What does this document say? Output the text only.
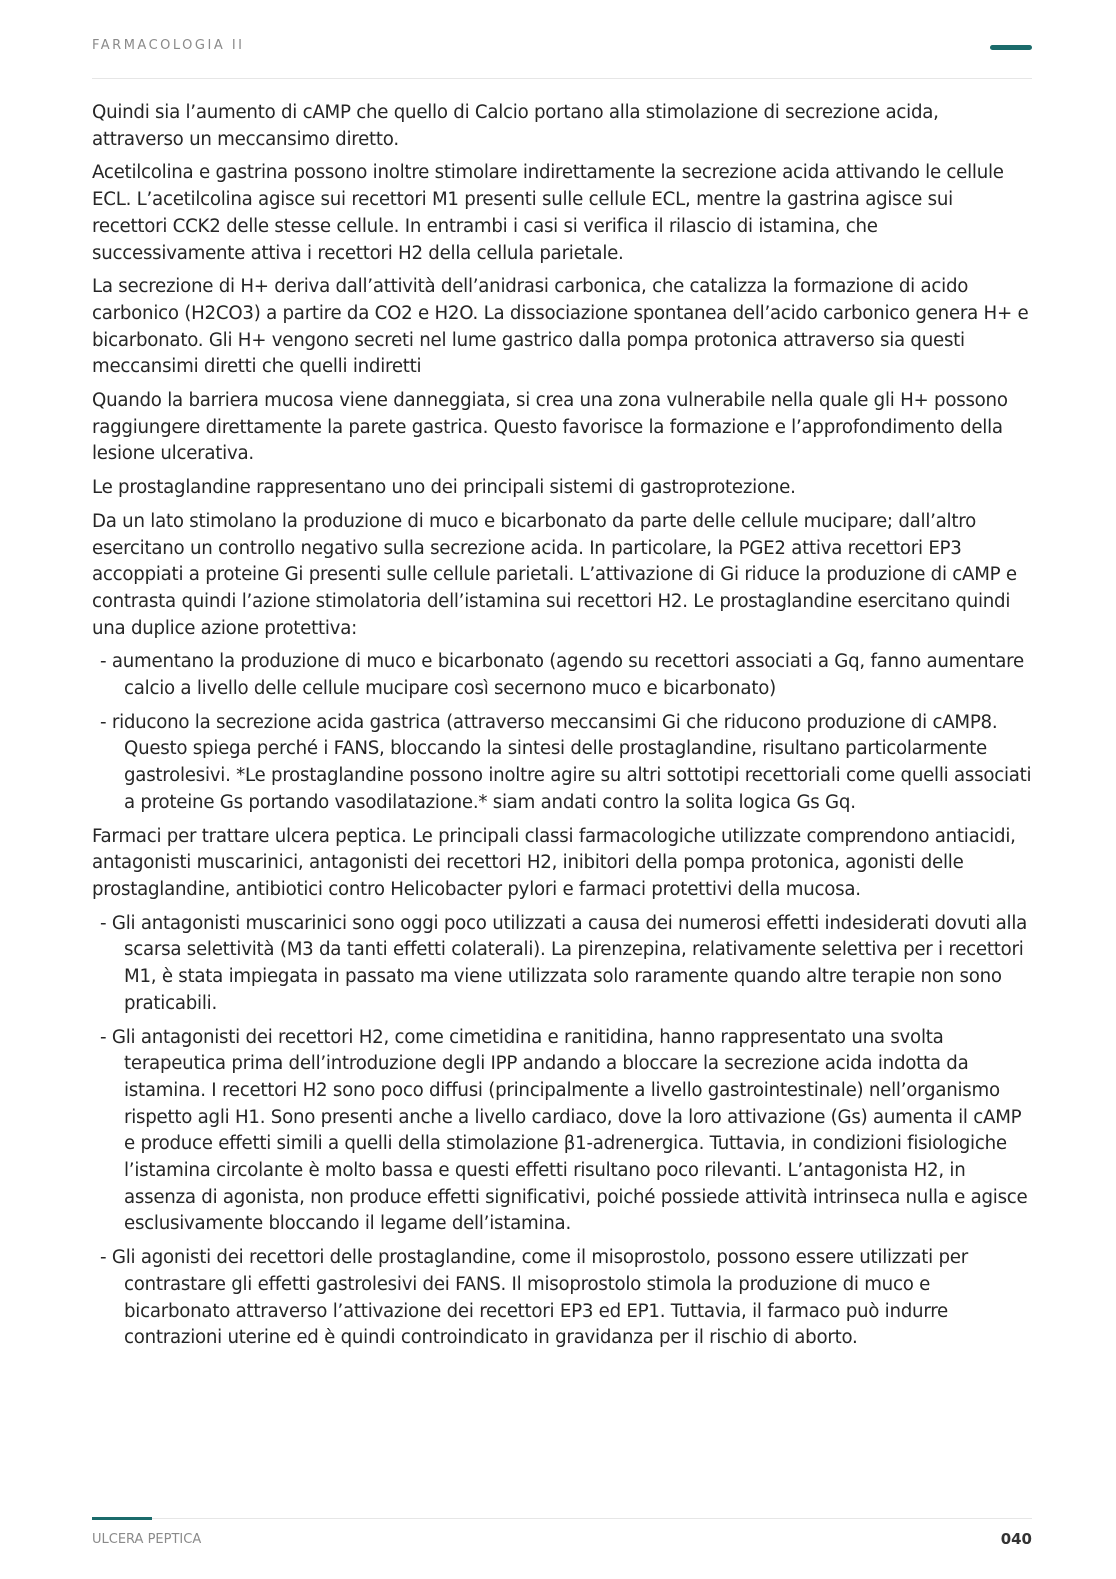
FARMACOLOGIA II

Quindi sia l’aumento di cAMP che quello di Calcio portano alla stimolazione di secrezione acida, attraverso un meccansimo diretto.

Acetilcolina e gastrina possono inoltre stimolare indirettamente la secrezione acida attivando le cellule ECL. L’acetilcolina agisce sui recettori M1 presenti sulle cellule ECL, mentre la gastrina agisce sui recettori CCK2 delle stesse cellule. In entrambi i casi si verifica il rilascio di istamina, che successivamente attiva i recettori H2 della cellula parietale.

La secrezione di H+ deriva dall’attività dell’anidrasi carbonica, che catalizza la formazione di acido carbonico (H2CO3) a partire da CO2 e H2O. La dissociazione spontanea dell’acido carbonico genera H+ e bicarbonato. Gli H+ vengono secreti nel lume gastrico dalla pompa protonica attraverso sia questi meccansimi diretti che quelli indiretti

Quando la barriera mucosa viene danneggiata, si crea una zona vulnerabile nella quale gli H+ possono raggiungere direttamente la parete gastrica. Questo favorisce la formazione e l’approfondimento della lesione ulcerativa.

Le prostaglandine rappresentano uno dei principali sistemi di gastroprotezione.

Da un lato stimolano la produzione di muco e bicarbonato da parte delle cellule mucipare; dall’altro esercitano un controllo negativo sulla secrezione acida. In particolare, la PGE2 attiva recettori EP3 accoppiati a proteine Gi presenti sulle cellule parietali. L’attivazione di Gi riduce la produzione di cAMP e contrasta quindi l’azione stimolatoria dell’istamina sui recettori H2. Le prostaglandine esercitano quindi una duplice azione protettiva:

- aumentano la produzione di muco e bicarbonato (agendo su recettori associati a Gq, fanno aumentare calcio a livello delle cellule mucipare così secernono muco e bicarbonato)
- riducono la secrezione acida gastrica (attraverso meccansimi Gi che riducono produzione di cAMP8. Questo spiega perché i FANS, bloccando la sintesi delle prostaglandine, risultano particolarmente gastrolesivi. *Le prostaglandine possono inoltre agire su altri sottotipi recettoriali come quelli associati a proteine Gs portando vasodilatazione.* siam andati contro la solita logica Gs Gq.

Farmaci per trattare ulcera peptica. Le principali classi farmacologiche utilizzate comprendono antiacidi, antagonisti muscarinici, antagonisti dei recettori H2, inibitori della pompa protonica, agonisti delle prostaglandine, antibiotici contro Helicobacter pylori e farmaci protettivi della mucosa.

- Gli antagonisti muscarinici sono oggi poco utilizzati a causa dei numerosi effetti indesiderati dovuti alla scarsa selettività (M3 da tanti effetti colaterali). La pirenzepina, relativamente selettiva per i recettori M1, è stata impiegata in passato ma viene utilizzata solo raramente quando altre terapie non sono praticabili.
- Gli antagonisti dei recettori H2, come cimetidina e ranitidina, hanno rappresentato una svolta terapeutica prima dell’introduzione degli IPP andando a bloccare la secrezione acida indotta da istamina. I recettori H2 sono poco diffusi (principalmente a livello gastrointestinale) nell’organismo rispetto agli H1. Sono presenti anche a livello cardiaco, dove la loro attivazione (Gs) aumenta il cAMP e produce effetti simili a quelli della stimolazione β1-adrenergica. Tuttavia, in condizioni fisiologiche l’istamina circolante è molto bassa e questi effetti risultano poco rilevanti. L’antagonista H2, in assenza di agonista, non produce effetti significativi, poiché possiede attività intrinseca nulla e agisce esclusivamente bloccando il legame dell’istamina.
- Gli agonisti dei recettori delle prostaglandine, come il misoprostolo, possono essere utilizzati per contrastare gli effetti gastrolesivi dei FANS. Il misoprostolo stimola la produzione di muco e bicarbonato attraverso l’attivazione dei recettori EP3 ed EP1. Tuttavia, il farmaco può indurre contrazioni uterine ed è quindi controindicato in gravidanza per il rischio di aborto.
ULCERA PEPTICA	040
